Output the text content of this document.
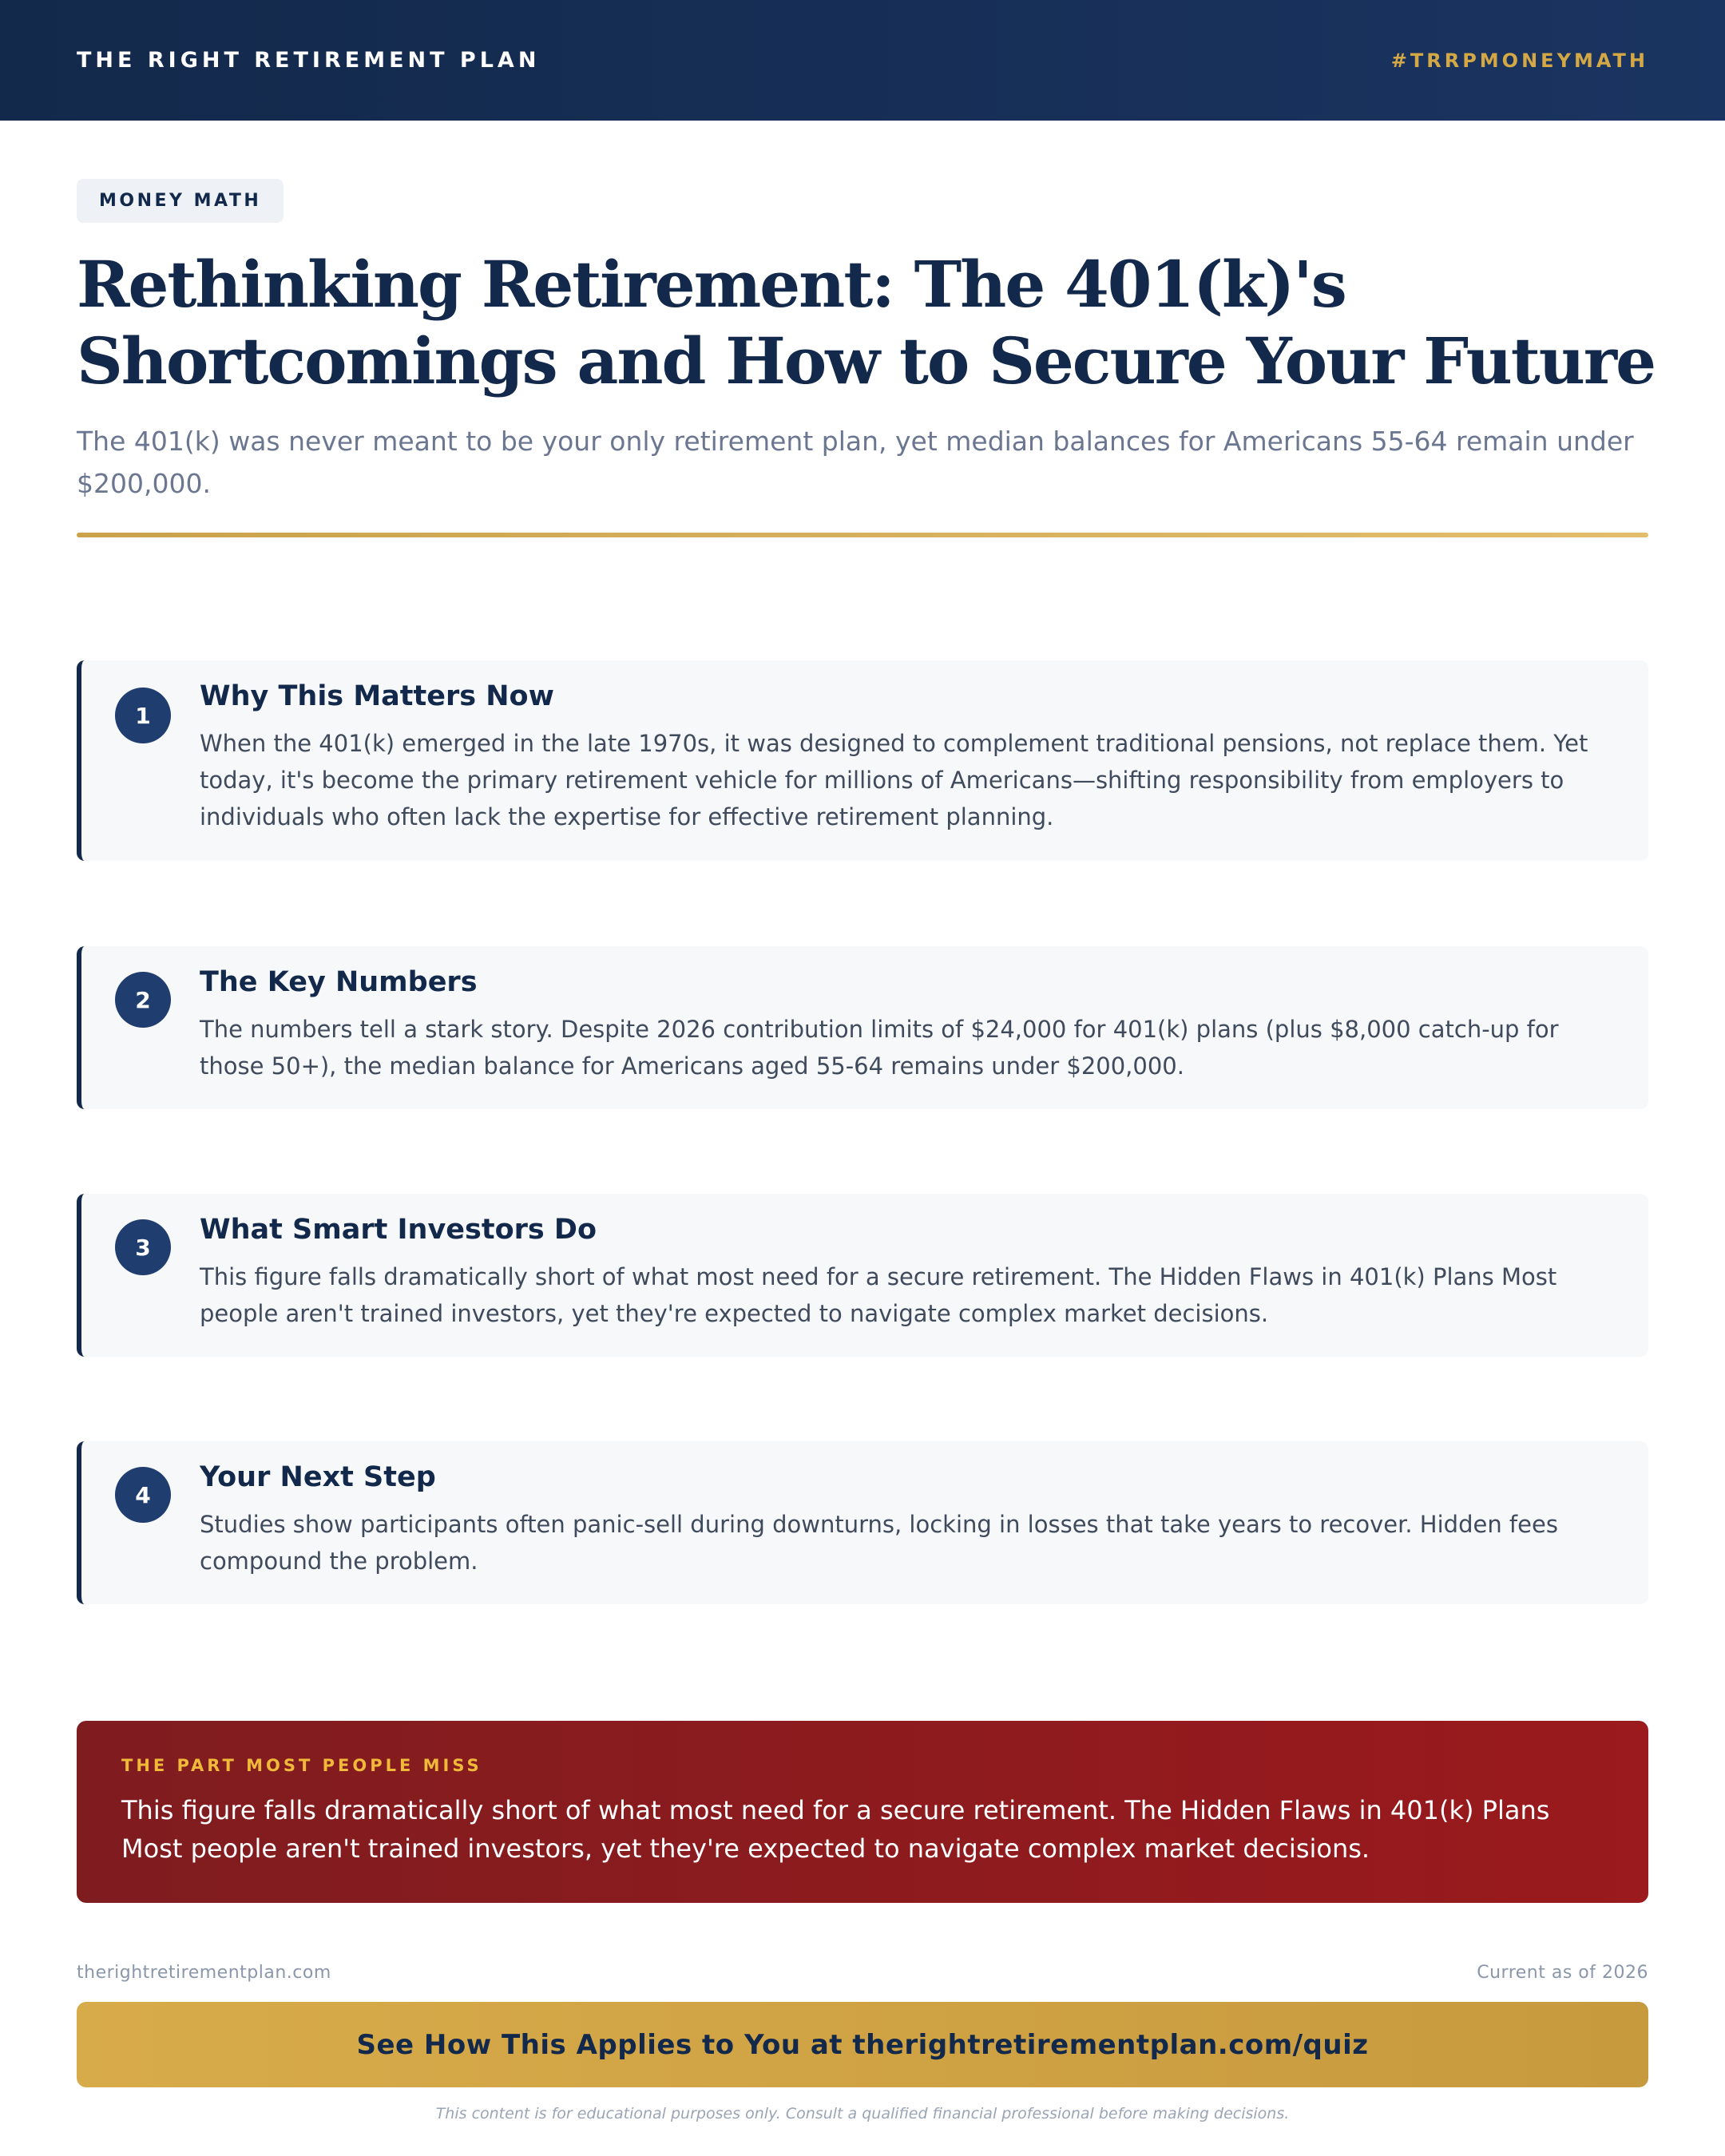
THE RIGHT RETIREMENT PLAN	#TRRPMONEYMATH
MONEY MATH
Rethinking Retirement: The 401(k)'s Shortcomings and How to Secure Your Future

The 401(k) was never meant to be your only retirement plan, yet median balances for Americans 55-64 remain under $200,000.

1
Why This Matters Now
When the 401(k) emerged in the late 1970s, it was designed to complement traditional pensions, not replace them. Yet today, it's become the primary retirement vehicle for millions of Americans—shifting responsibility from employers to individuals who often lack the expertise for effective retirement planning.
2
The Key Numbers
The numbers tell a stark story. Despite 2026 contribution limits of $24,000 for 401(k) plans (plus $8,000 catch-up for those 50+), the median balance for Americans aged 55-64 remains under $200,000.
3
What Smart Investors Do
This figure falls dramatically short of what most need for a secure retirement. The Hidden Flaws in 401(k) Plans Most people aren't trained investors, yet they're expected to navigate complex market decisions.
4
Your Next Step
Studies show participants often panic-sell during downturns, locking in losses that take years to recover. Hidden fees compound the problem.
THE PART MOST PEOPLE MISS
This figure falls dramatically short of what most need for a secure retirement. The Hidden Flaws in 401(k) Plans Most people aren't trained investors, yet they're expected to navigate complex market decisions.
therightretirementplan.com	Current as of 2026
See How This Applies to You at therightretirementplan.com/quiz
This content is for educational purposes only. Consult a qualified financial professional before making decisions.
